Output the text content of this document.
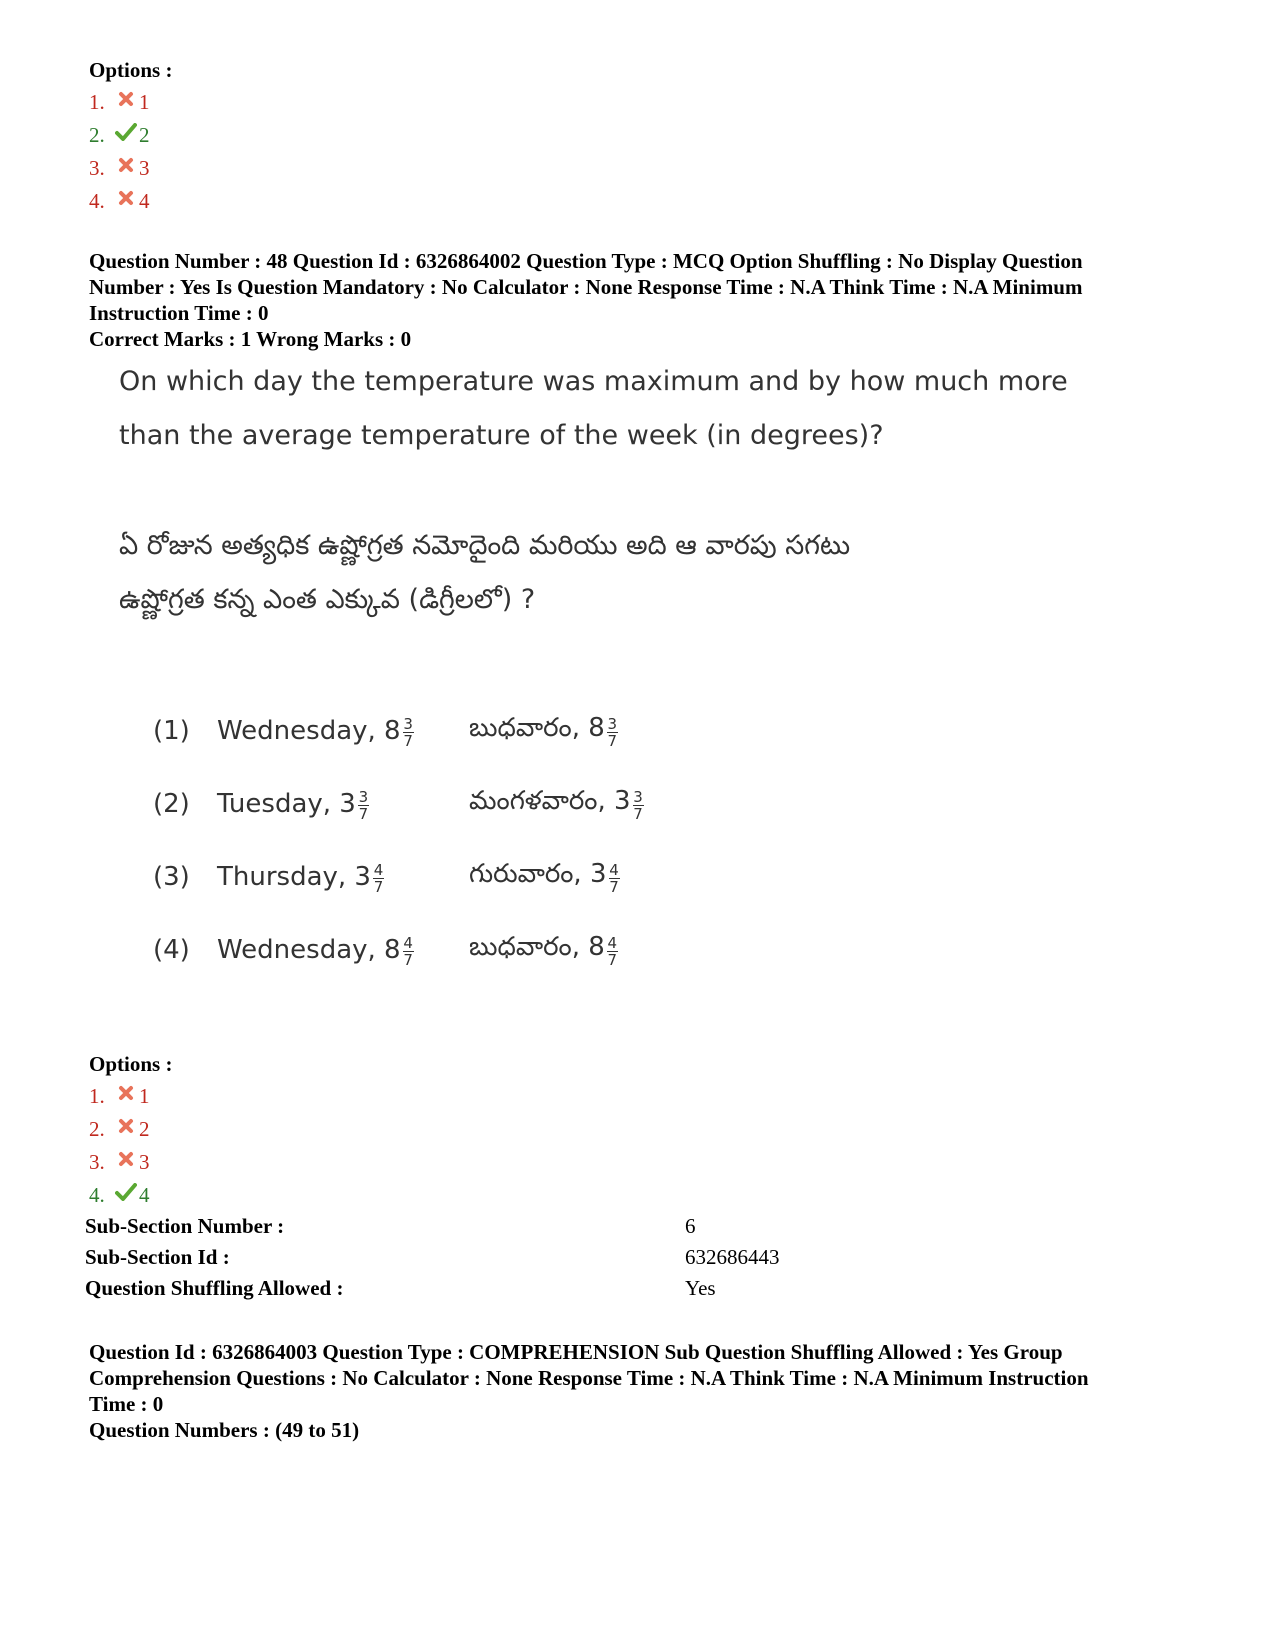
Options :
1.	1
2.	2
3.	3
4.	4
Question Number : 48 Question Id : 6326864002 Question Type : MCQ Option Shuffling : No Display Question
Number : Yes Is Question Mandatory : No Calculator : None Response Time : N.A Think Time : N.A Minimum
Instruction Time : 0
Correct Marks : 1 Wrong Marks : 0
On which day the temperature was maximum and by how much more
than the average temperature of the week (in degrees)?
ఏ రోజున అత్యధిక ఉష్ణోగ్రత నమోదైంది మరియు అది ఆ వారపు సగటు
ఉష్ణోగ్రత కన్న ఎంత ఎక్కువ (డిగ్రీలలో) ?
(1)	Wednesday, $8 \frac{3}{7}$ బుధవారం, $8 \frac{3}{7}$
(2)	Tuesday, $3 \frac{3}{7}$	మంగళవారం, $3 \frac{3}{7}$
(3)	Thursday, $3 \frac{4}{7}$	గురువారం, $3 \frac{4}{7}$
(4)	Wednesday, $8 \frac{4}{7}$ బుధవారం, $8 \frac{4}{7}$
Options :
1.	1
2.	2
3.	3
4.	4
Sub-Section Number :	6
Sub-Section Id :	632686443
Question Shuffling Allowed :	Yes
Question Id : 6326864003 Question Type : COMPREHENSION Sub Question Shuffling Allowed : Yes Group
Comprehension Questions : No Calculator : None Response Time : N.A Think Time : N.A Minimum Instruction
Time : 0
Question Numbers : (49 to 51)
